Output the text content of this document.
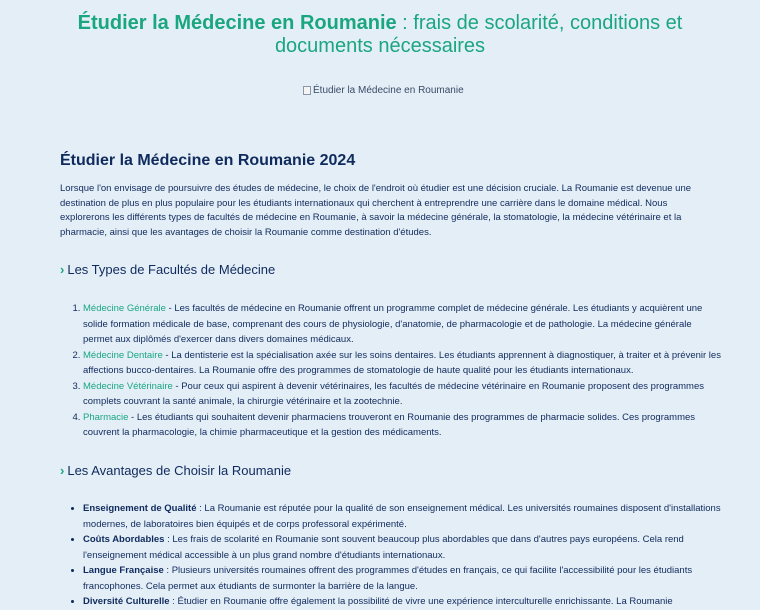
Étudier la Médecine en Roumanie : frais de scolarité, conditions et documents nécessaires
Étudier la Médecine en Roumanie
Étudier la Médecine en Roumanie 2024

Lorsque l'on envisage de poursuivre des études de médecine, le choix de l'endroit où étudier est une décision cruciale. La Roumanie est devenue une destination de plus en plus populaire pour les étudiants internationaux qui cherchent à entreprendre une carrière dans le domaine médical. Nous explorerons les différents types de facultés de médecine en Roumanie, à savoir la médecine générale, la stomatologie, la médecine vétérinaire et la pharmacie, ainsi que les avantages de choisir la Roumanie comme destination d'études.

› Les Types de Facultés de Médecine
1. Médecine Générale - Les facultés de médecine en Roumanie offrent un programme complet de médecine générale. Les étudiants y acquièrent une solide formation médicale de base, comprenant des cours de physiologie, d'anatomie, de pharmacologie et de pathologie. La médecine générale permet aux diplômés d'exercer dans divers domaines médicaux.
2. Médecine Dentaire - La dentisterie est la spécialisation axée sur les soins dentaires. Les étudiants apprennent à diagnostiquer, à traiter et à prévenir les affections bucco-dentaires. La Roumanie offre des programmes de stomatologie de haute qualité pour les étudiants internationaux.
3. Médecine Vétérinaire - Pour ceux qui aspirent à devenir vétérinaires, les facultés de médecine vétérinaire en Roumanie proposent des programmes complets couvrant la santé animale, la chirurgie vétérinaire et la zootechnie.
4. Pharmacie - Les étudiants qui souhaitent devenir pharmaciens trouveront en Roumanie des programmes de pharmacie solides. Ces programmes couvrent la pharmacologie, la chimie pharmaceutique et la gestion des médicaments.
› Les Avantages de Choisir la Roumanie
• Enseignement de Qualité : La Roumanie est réputée pour la qualité de son enseignement médical. Les universités roumaines disposent d'installations modernes, de laboratoires bien équipés et de corps professoral expérimenté.
• Coûts Abordables : Les frais de scolarité en Roumanie sont souvent beaucoup plus abordables que dans d'autres pays européens. Cela rend l'enseignement médical accessible à un plus grand nombre d'étudiants internationaux.
• Langue Française : Plusieurs universités roumaines offrent des programmes d'études en français, ce qui facilite l'accessibilité pour les étudiants francophones. Cela permet aux étudiants de surmonter la barrière de la langue.
• Diversité Culturelle : Étudier en Roumanie offre également la possibilité de vivre une expérience interculturelle enrichissante. La Roumanie
